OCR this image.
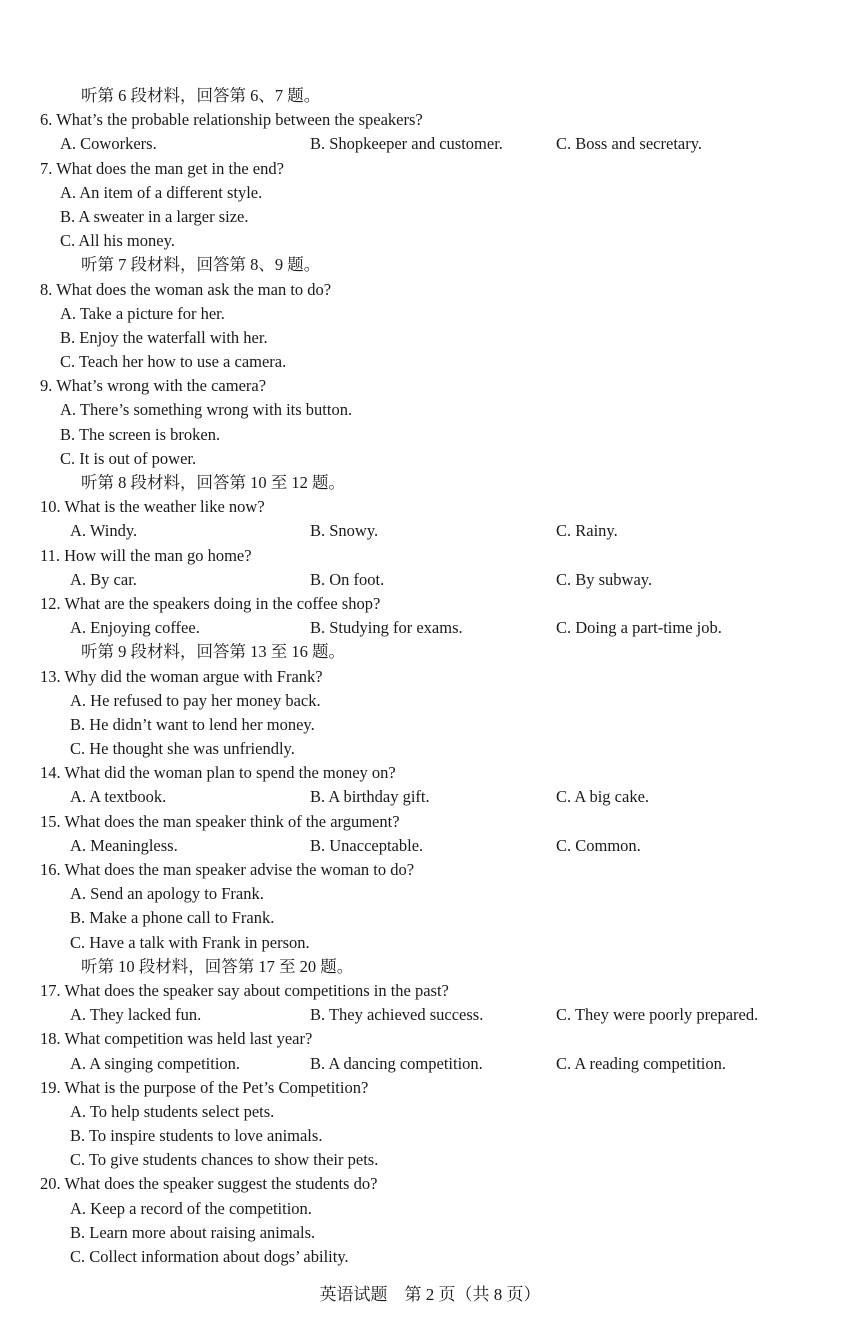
听第 6 段材料，回答第 6、7 题。
6. What’s the probable relationship between the speakers?
A. Coworkers.	B. Shopkeeper and customer.	C. Boss and secretary.
7. What does the man get in the end?
A. An item of a different style.
B. A sweater in a larger size.
C. All his money.
听第 7 段材料，回答第 8、9 题。
8. What does the woman ask the man to do?
A. Take a picture for her.
B. Enjoy the waterfall with her.
C. Teach her how to use a camera.
9. What’s wrong with the camera?
A. There’s something wrong with its button.
B. The screen is broken.
C. It is out of power.
听第 8 段材料，回答第 10 至 12 题。
10. What is the weather like now?
A. Windy.	B. Snowy.	C. Rainy.
11. How will the man go home?
A. By car.	B. On foot.	C. By subway.
12. What are the speakers doing in the coffee shop?
A. Enjoying coffee.	B. Studying for exams.	C. Doing a part-time job.
听第 9 段材料，回答第 13 至 16 题。
13. Why did the woman argue with Frank?
A. He refused to pay her money back.
B. He didn’t want to lend her money.
C. He thought she was unfriendly.
14. What did the woman plan to spend the money on?
A. A textbook.	B. A birthday gift.	C. A big cake.
15. What does the man speaker think of the argument?
A. Meaningless.	B. Unacceptable.	C. Common.
16. What does the man speaker advise the woman to do?
A. Send an apology to Frank.
B. Make a phone call to Frank.
C. Have a talk with Frank in person.
听第 10 段材料，回答第 17 至 20 题。
17. What does the speaker say about competitions in the past?
A. They lacked fun.	B. They achieved success.	C. They were poorly prepared.
18. What competition was held last year?
A. A singing competition.	B. A dancing competition.	C. A reading competition.
19. What is the purpose of the Pet’s Competition?
A. To help students select pets.
B. To inspire students to love animals.
C. To give students chances to show their pets.
20. What does the speaker suggest the students do?
A. Keep a record of the competition.
B. Learn more about raising animals.
C. Collect information about dogs’ ability.
英语试题　第 2 页（共 8 页）
